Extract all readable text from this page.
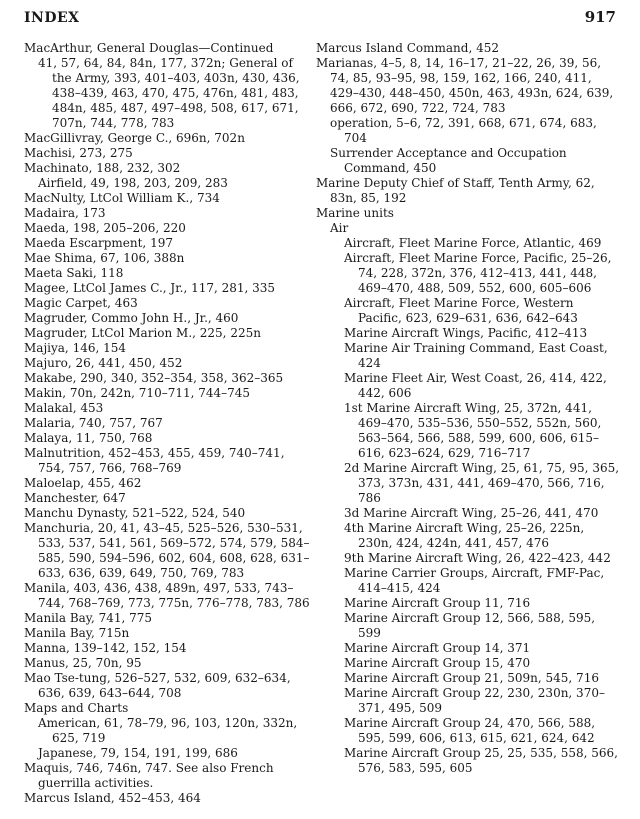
INDEX	917
MacArthur, General Douglas—Continued
41, 57, 64, 84, 84n, 177, 372n; General of the Army, 393, 401–403, 403n, 430, 436, 438–439, 463, 470, 475, 476n, 481, 483, 484n, 485, 487, 497–498, 508, 617, 671, 707n, 744, 778, 783
MacGillivray, George C., 696n, 702n
Machisi, 273, 275
Machinato, 188, 232, 302
Airfield, 49, 198, 203, 209, 283
MacNulty, LtCol William K., 734
Madaira, 173
Maeda, 198, 205–206, 220
Maeda Escarpment, 197
Mae Shima, 67, 106, 388n
Maeta Saki, 118
Magee, LtCol James C., Jr., 117, 281, 335
Magic Carpet, 463
Magruder, Commo John H., Jr., 460
Magruder, LtCol Marion M., 225, 225n
Majiya, 146, 154
Majuro, 26, 441, 450, 452
Makabe, 290, 340, 352–354, 358, 362–365
Makin, 70n, 242n, 710–711, 744–745
Malakal, 453
Malaria, 740, 757, 767
Malaya, 11, 750, 768
Malnutrition, 452–453, 455, 459, 740–741, 754, 757, 766, 768–769
Maloelap, 455, 462
Manchester, 647
Manchu Dynasty, 521–522, 524, 540
Manchuria, 20, 41, 43–45, 525–526, 530–531, 533, 537, 541, 561, 569–572, 574, 579, 584–585, 590, 594–596, 602, 604, 608, 628, 631–633, 636, 639, 649, 750, 769, 783
Manila, 403, 436, 438, 489n, 497, 533, 743–744, 768–769, 773, 775n, 776–778, 783, 786
Manila Bay, 741, 775
Manila Bay, 715n
Manna, 139–142, 152, 154
Manus, 25, 70n, 95
Mao Tse-tung, 526–527, 532, 609, 632–634, 636, 639, 643–644, 708
Maps and Charts
American, 61, 78–79, 96, 103, 120n, 332n, 625, 719
Japanese, 79, 154, 191, 199, 686
Maquis, 746, 746n, 747. See also French guerrilla activities.
Marcus Island, 452–453, 464
Marcus Island Command, 452
Marianas, 4–5, 8, 14, 16–17, 21–22, 26, 39, 56, 74, 85, 93–95, 98, 159, 162, 166, 240, 411, 429–430, 448–450, 450n, 463, 493n, 624, 639, 666, 672, 690, 722, 724, 783
operation, 5–6, 72, 391, 668, 671, 674, 683, 704
Surrender Acceptance and Occupation Command, 450
Marine Deputy Chief of Staff, Tenth Army, 62, 83n, 85, 192
Marine units
Air
Aircraft, Fleet Marine Force, Atlantic, 469
Aircraft, Fleet Marine Force, Pacific, 25–26, 74, 228, 372n, 376, 412–413, 441, 448, 469–470, 488, 509, 552, 600, 605–606
Aircraft, Fleet Marine Force, Western Pacific, 623, 629–631, 636, 642–643
Marine Aircraft Wings, Pacific, 412–413
Marine Air Training Command, East Coast, 424
Marine Fleet Air, West Coast, 26, 414, 422, 442, 606
1st Marine Aircraft Wing, 25, 372n, 441, 469–470, 535–536, 550–552, 552n, 560, 563–564, 566, 588, 599, 600, 606, 615–616, 623–624, 629, 716–717
2d Marine Aircraft Wing, 25, 61, 75, 95, 365, 373, 373n, 431, 441, 469–470, 566, 716, 786
3d Marine Aircraft Wing, 25–26, 441, 470
4th Marine Aircraft Wing, 25–26, 225n, 230n, 424, 424n, 441, 457, 476
9th Marine Aircraft Wing, 26, 422–423, 442
Marine Carrier Groups, Aircraft, FMF-Pac, 414–415, 424
Marine Aircraft Group 11, 716
Marine Aircraft Group 12, 566, 588, 595, 599
Marine Aircraft Group 14, 371
Marine Aircraft Group 15, 470
Marine Aircraft Group 21, 509n, 545, 716
Marine Aircraft Group 22, 230, 230n, 370–371, 495, 509
Marine Aircraft Group 24, 470, 566, 588, 595, 599, 606, 613, 615, 621, 624, 642
Marine Aircraft Group 25, 25, 535, 558, 566, 576, 583, 595, 605
